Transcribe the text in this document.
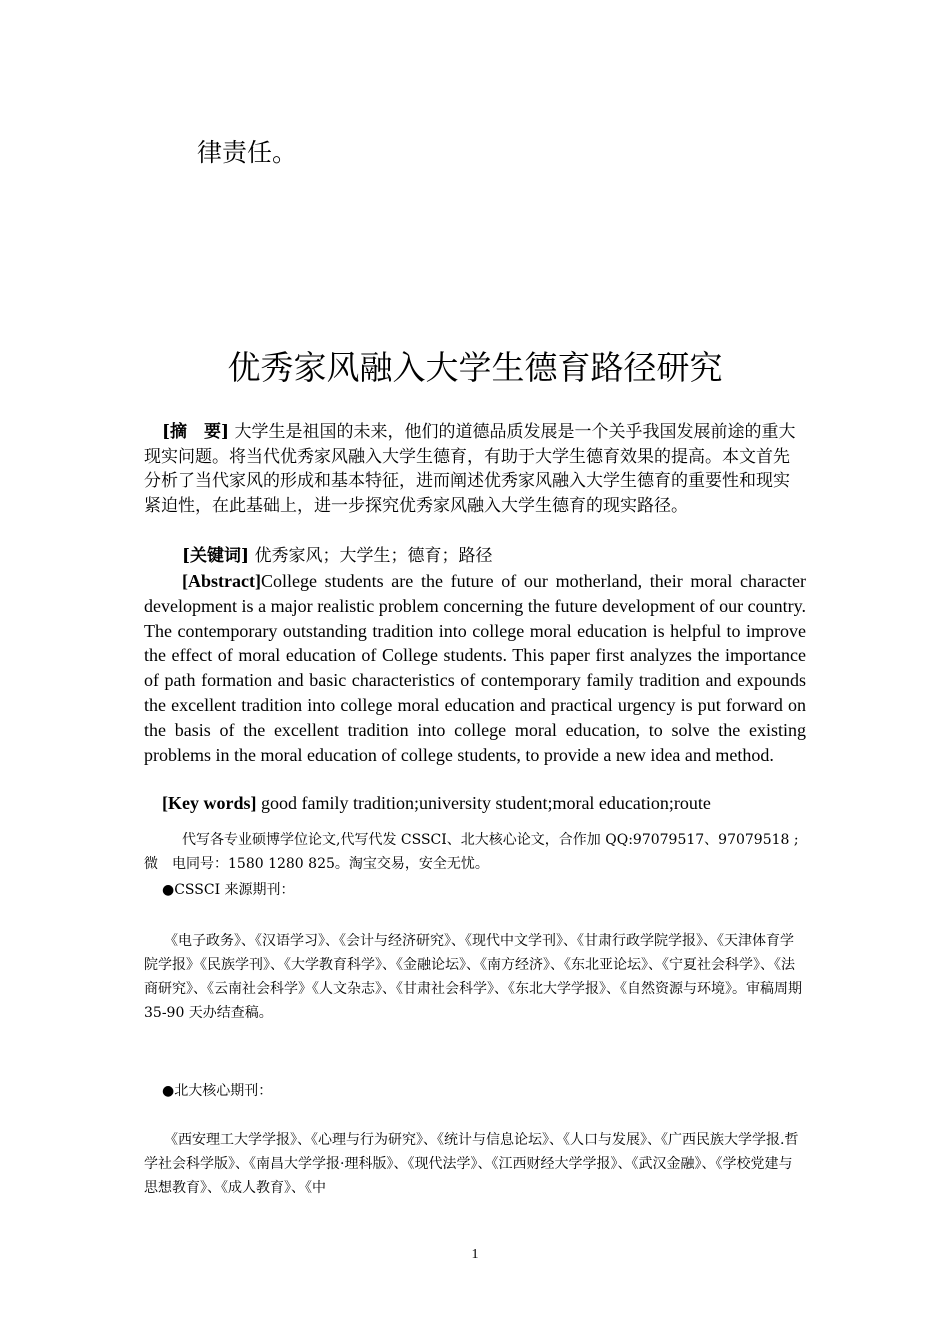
律责任。
优秀家风融入大学生德育路径研究

[摘　要] 大学生是祖国的未来，他们的道德品质发展是一个关乎我国发展前途的重大现实问题。将当代优秀家风融入大学生德育，有助于大学生德育效果的提高。本文首先分析了当代家风的形成和基本特征，进而阐述优秀家风融入大学生德育的重要性和现实紧迫性，在此基础上，进一步探究优秀家风融入大学生德育的现实路径。

[关键词] 优秀家风；大学生；德育；路径

[Abstract]College students are the future of our motherland, their moral character development is a major realistic problem concerning the future development of our country. The contemporary outstanding tradition into college moral education is helpful to improve the effect of moral education of College students. This paper first analyzes the importance of path formation and basic characteristics of contemporary family tradition and expounds the excellent tradition into college moral education and practical urgency is put forward on the basis of the excellent tradition into college moral education, to solve the existing problems in the moral education of college students, to provide a new idea and method.

[Key words] good family tradition;university student;moral education;route

代写各专业硕博学位论文,代写代发 CSSCI、北大核心论文，合作加 QQ:97079517、97079518 ; 微　电同号：1580 1280 825。淘宝交易，安全无忧。

●CSSCI 来源期刊：

《电子政务》、《汉语学习》、《会计与经济研究》、《现代中文学刊》、《甘肃行政学院学报》、《天津体育学院学报》《民族学刊》、《大学教育科学》、《金融论坛》、《南方经济》、《东北亚论坛》、《宁夏社会科学》、《法商研究》、《云南社会科学》《人文杂志》、《甘肃社会科学》、《东北大学学报》、《自然资源与环境》。审稿周期 35-90 天办结查稿。

●北大核心期刊：

《西安理工大学学报》、《心理与行为研究》、《统计与信息论坛》、《人口与发展》、《广西民族大学学报.哲学社会科学版》、《南昌大学学报·理科版》、《现代法学》、《江西财经大学学报》、《武汉金融》、《学校党建与思想教育》、《成人教育》、《中

1
